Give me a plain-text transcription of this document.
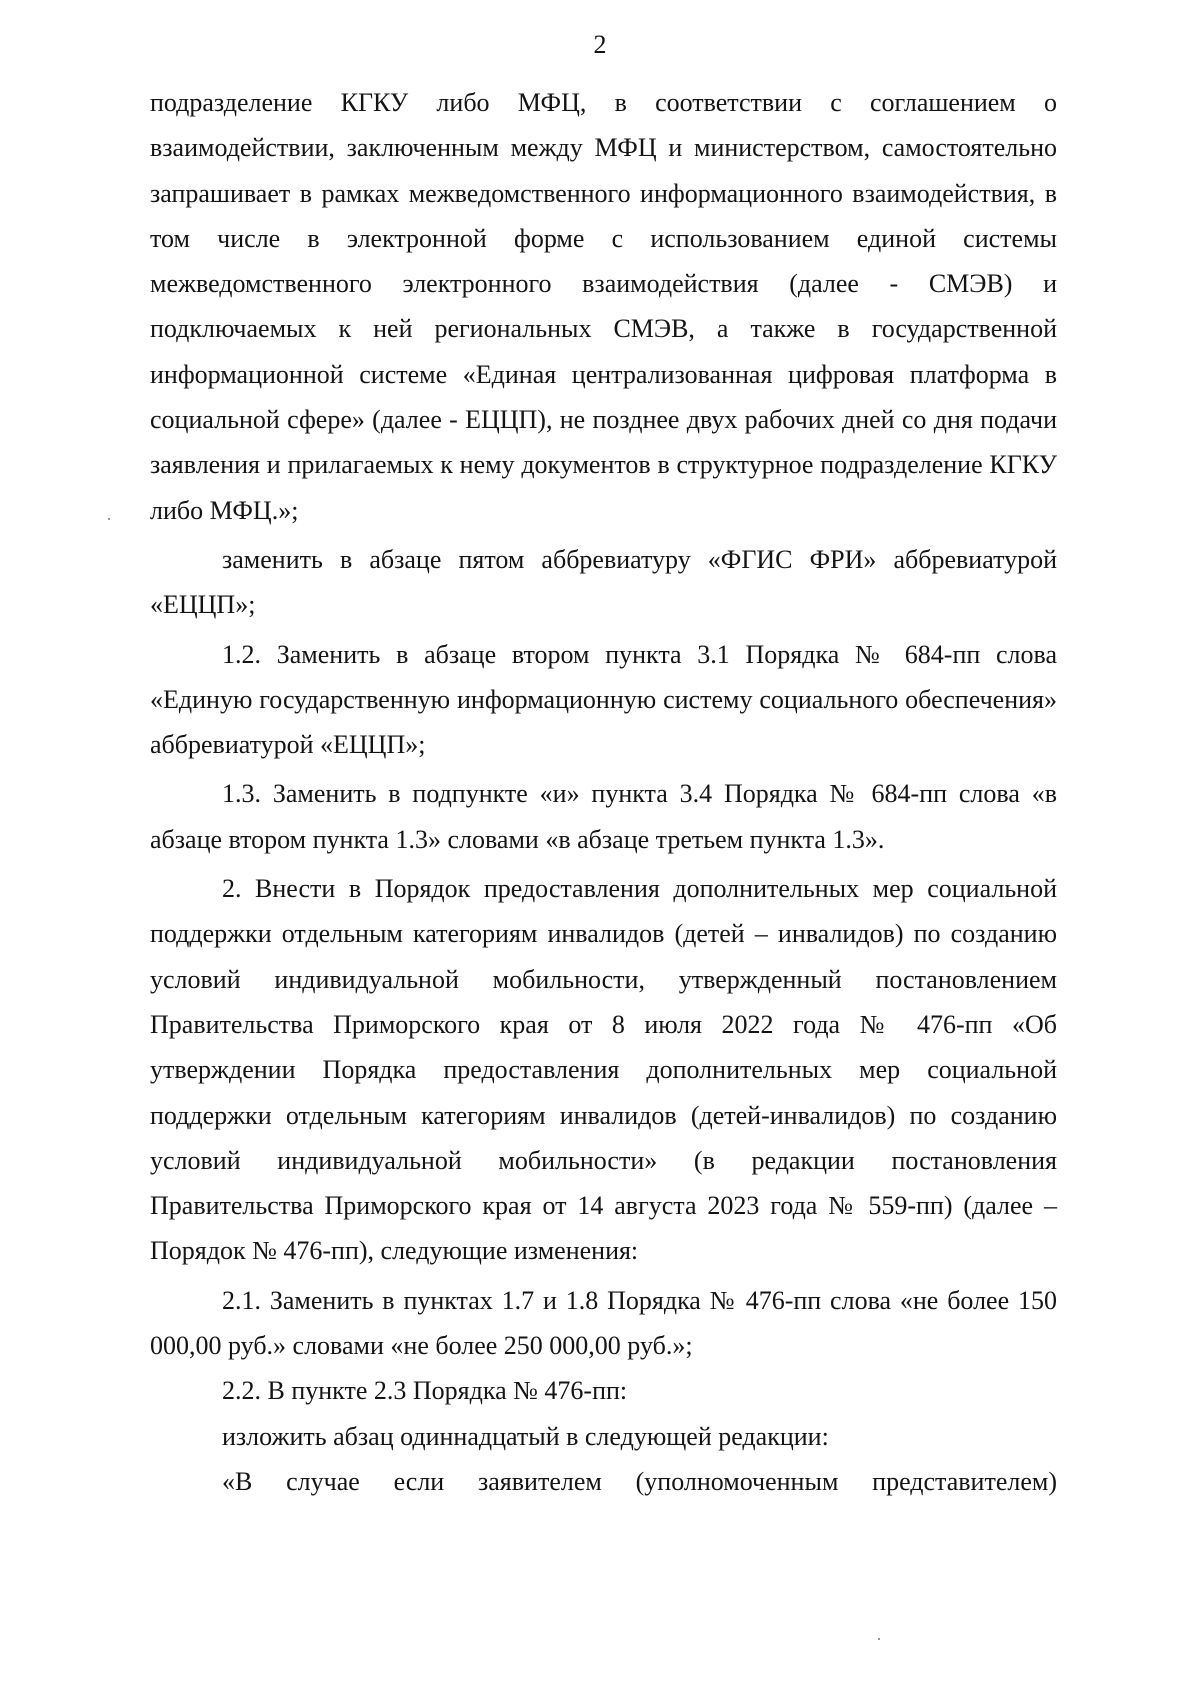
2

подразделение КГКУ либо МФЦ, в соответствии с соглашением о взаимодействии, заключенным между МФЦ и министерством, самостоятельно запрашивает в рамках межведомственного информационного взаимодействия, в том числе в электронной форме с использованием единой системы межведомственного электронного взаимодействия (далее - СМЭВ) и подключаемых к ней региональных СМЭВ, а также в государственной информационной системе «Единая централизованная цифровая платформа в социальной сфере» (далее - ЕЦЦП), не позднее двух рабочих дней со дня подачи заявления и прилагаемых к нему документов в структурное подразделение КГКУ либо МФЦ.»;

заменить в абзаце пятом аббревиатуру «ФГИС ФРИ» аббревиатурой «ЕЦЦП»;

1.2. Заменить в абзаце втором пункта 3.1 Порядка № 684-пп слова «Единую государственную информационную систему социального обеспечения» аббревиатурой «ЕЦЦП»;

1.3. Заменить в подпункте «и» пункта 3.4 Порядка № 684-пп слова «в абзаце втором пункта 1.3» словами «в абзаце третьем пункта 1.3».

2. Внести в Порядок предоставления дополнительных мер социальной поддержки отдельным категориям инвалидов (детей – инвалидов) по созданию условий индивидуальной мобильности, утвержденный постановлением Правительства Приморского края от 8 июля 2022 года № 476-пп «Об утверждении Порядка предоставления дополнительных мер социальной поддержки отдельным категориям инвалидов (детей-инвалидов) по созданию условий индивидуальной мобильности» (в редакции постановления Правительства Приморского края от 14 августа 2023 года № 559-пп) (далее – Порядок № 476-пп), следующие изменения:

2.1. Заменить в пунктах 1.7 и 1.8 Порядка № 476-пп слова «не более 150 000,00 руб.» словами «не более 250 000,00 руб.»;

2.2. В пункте 2.3 Порядка № 476-пп:

изложить абзац одиннадцатый в следующей редакции:

«В случае если заявителем (уполномоченным представителем)
